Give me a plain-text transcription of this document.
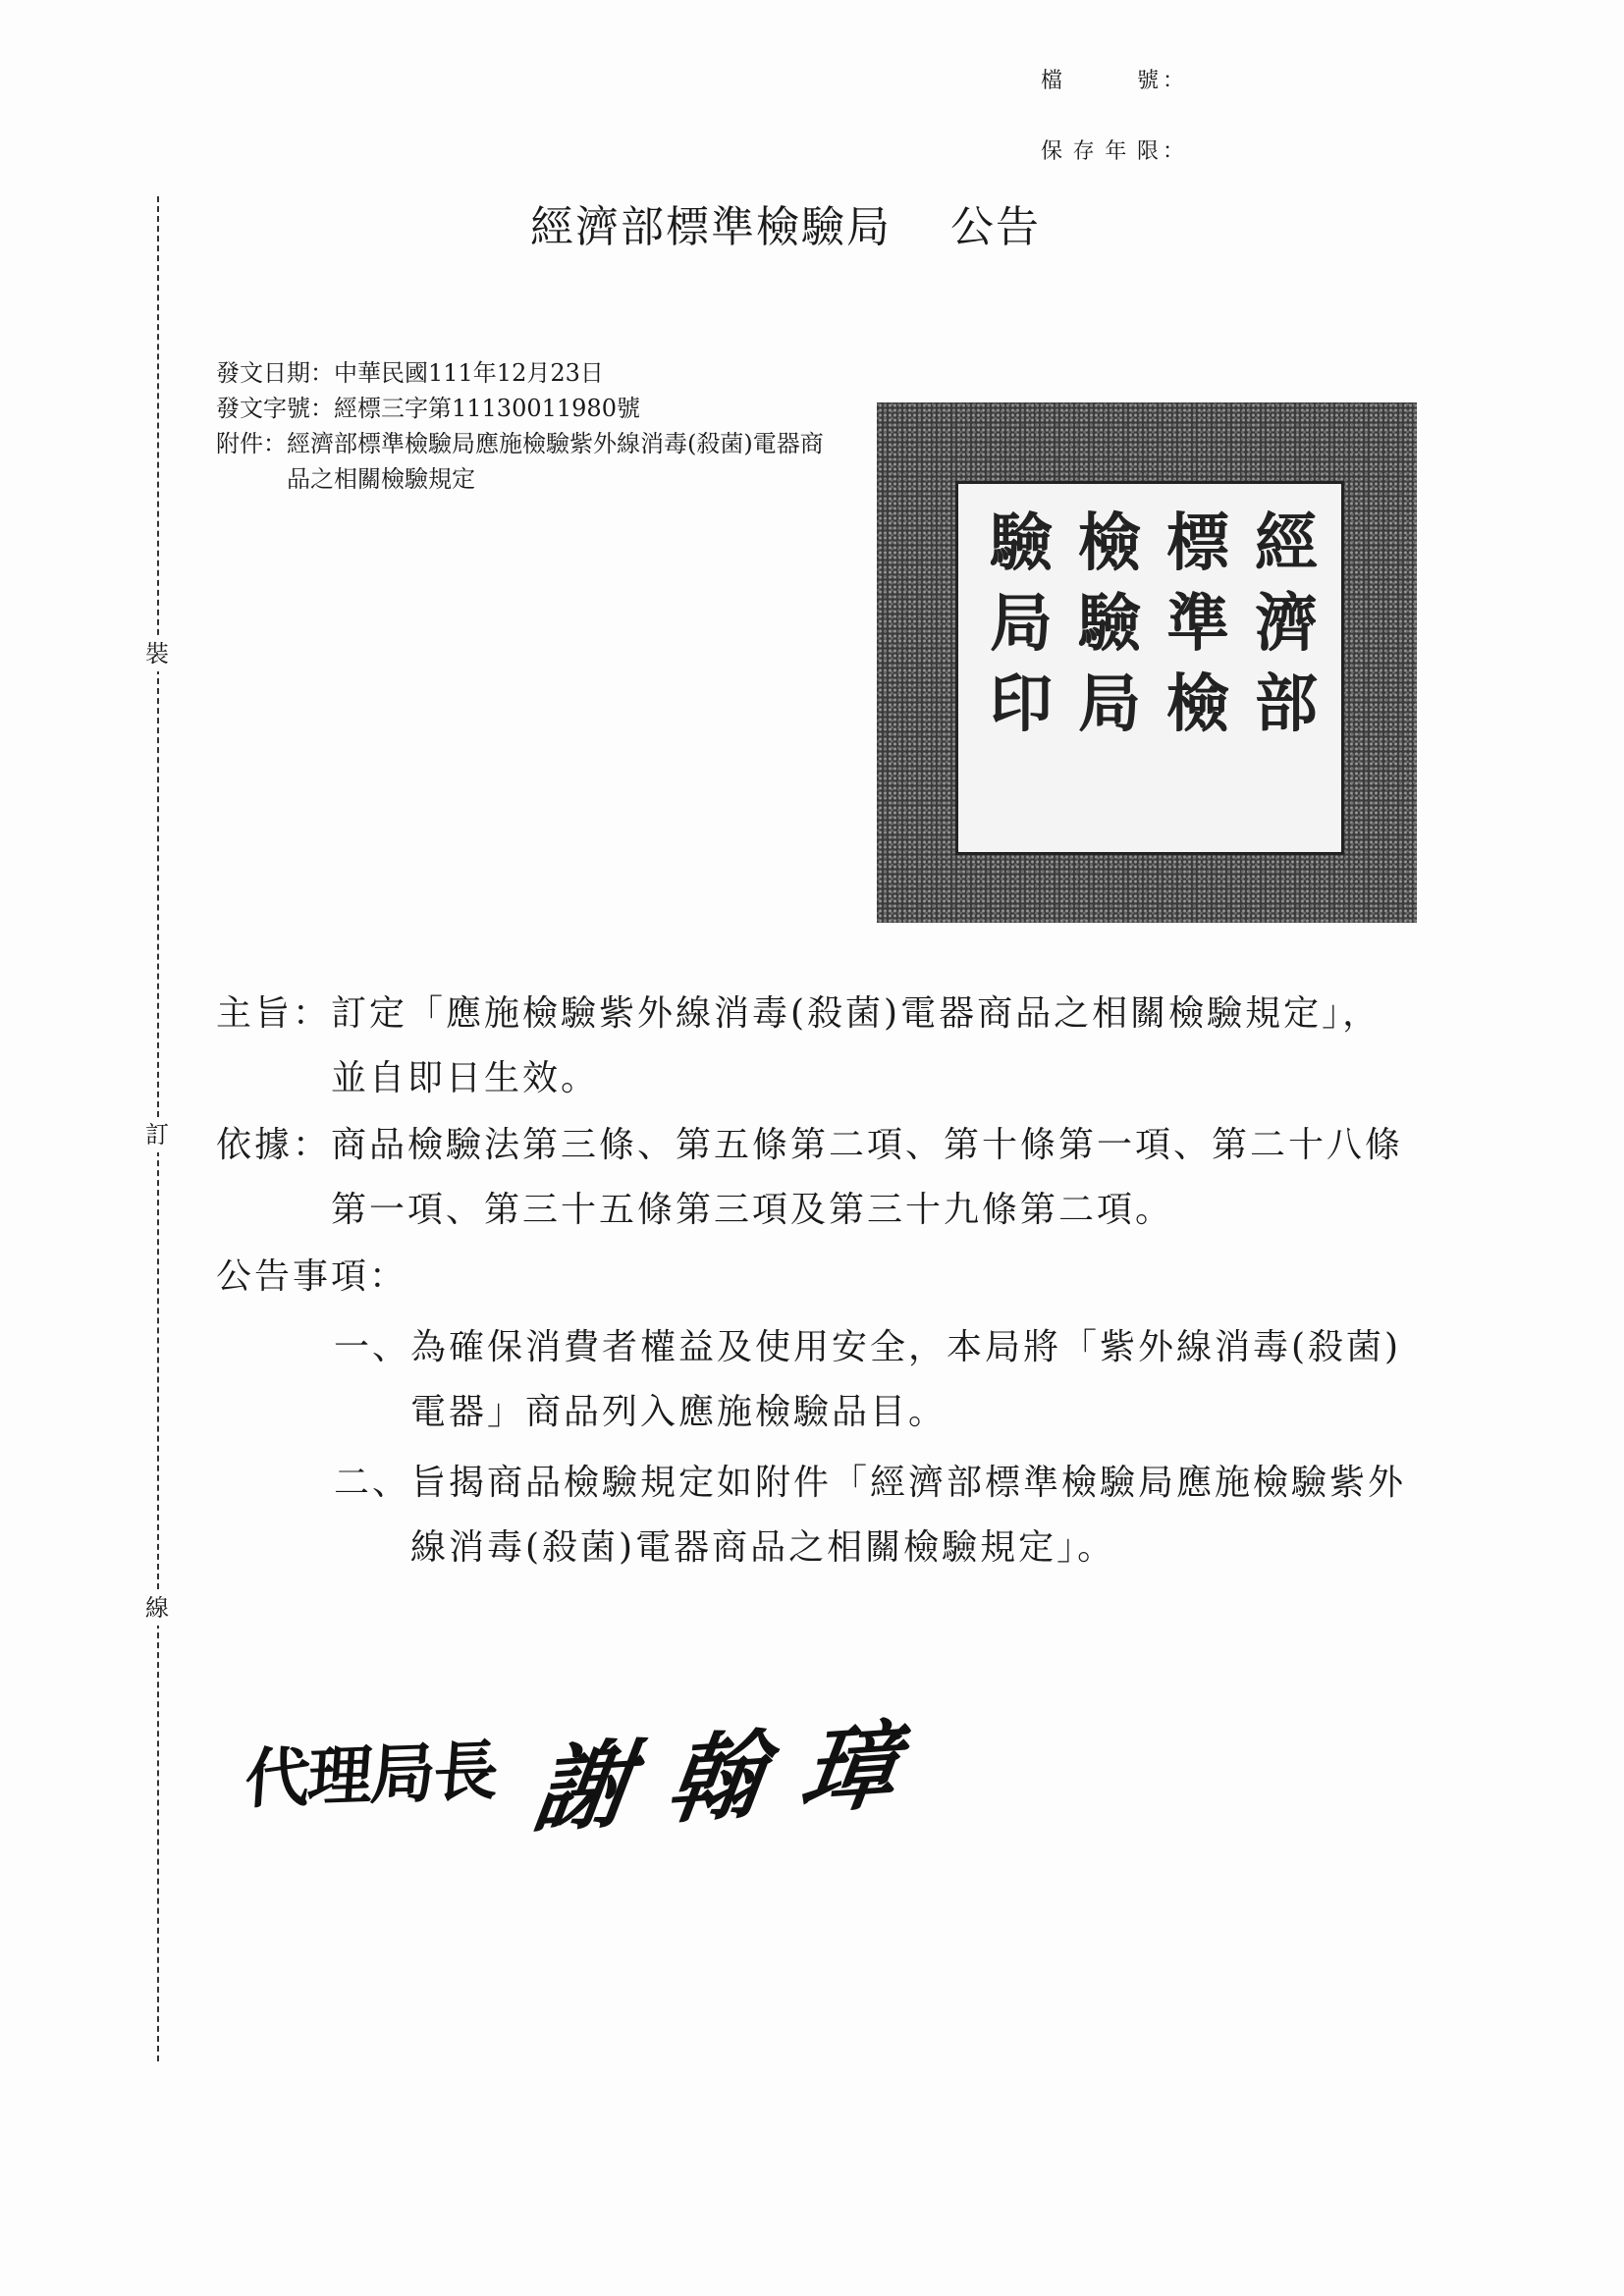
裝
訂
線
檔　　號 ：
保存年限 ：
經濟部標準檢驗局 公告
發文日期： 中華民國111年12月23日
發文字號： 經標三字第11130011980號
附件： 經濟部標準檢驗局應施檢驗紫外線消毒(殺菌)電器商品之相關檢驗規定
經
濟
部
標
準
檢
檢
驗
局
驗
局
印
主旨： 訂定「應施檢驗紫外線消毒(殺菌)電器商品之相關檢驗規定」，並自即日生效。
依據： 商品檢驗法第三條、第五條第二項、第十條第一項、第二十八條第一項、第三十五條第三項及第三十九條第二項。
公告事項：
一、 為確保消費者權益及使用安全，本局將「紫外線消毒(殺菌)電器」商品列入應施檢驗品目。
二、 旨揭商品檢驗規定如附件「經濟部標準檢驗局應施檢驗紫外線消毒(殺菌)電器商品之相關檢驗規定」。
代理局長 謝翰璋
